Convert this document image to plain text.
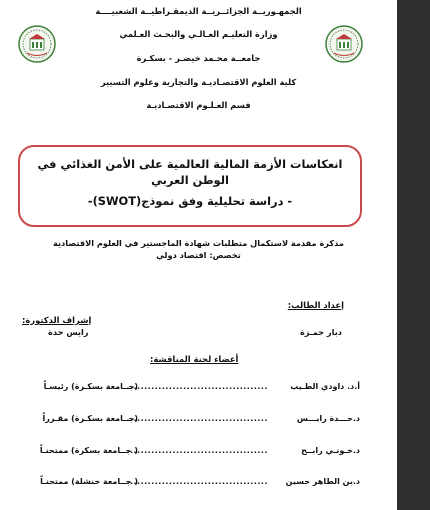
الجمهـوريــة الجزائــريــة الديمقـراطيــة الشعبيــــة
وزارة التعليـم العـالـي والبحـث العـلمي
جامعــة محـمد خيضـر - بسكـرة
كلية العلوم الاقتصـاديـة والتجارية وعلوم التسيير
قسم العـلـوم الاقتصـاديـة
انعكاسات الأزمة المالية العالمية على الأمن الغذائي في الوطن العربي
- دراسة تحليلية وفق نموذج(SWOT)-
مذكرة مقدمة لاستكمال متطلبات شهادة الماجستير في العلوم الاقتصادية
تخصص: اقتصاد دولي
إعداد الطالب:
دبار حمـزة
إشراف الدكتورة:
رايس حدة
أعضاء لجنة المناقشة:
أ.د. داودي الطـيب
........................................
(جــامعة بسكـرة) رئيسـاً
د.حـــدة رايـــس
........................................
(جــامعة بسكـرة) مقـرراً
د.خـونـي رابــح
........................................
( جــامعة بسكرة) ممتحنـاً
د.بن الطاهر حسين
........................................
( جــامعة خنشلة) ممتحنـاً
